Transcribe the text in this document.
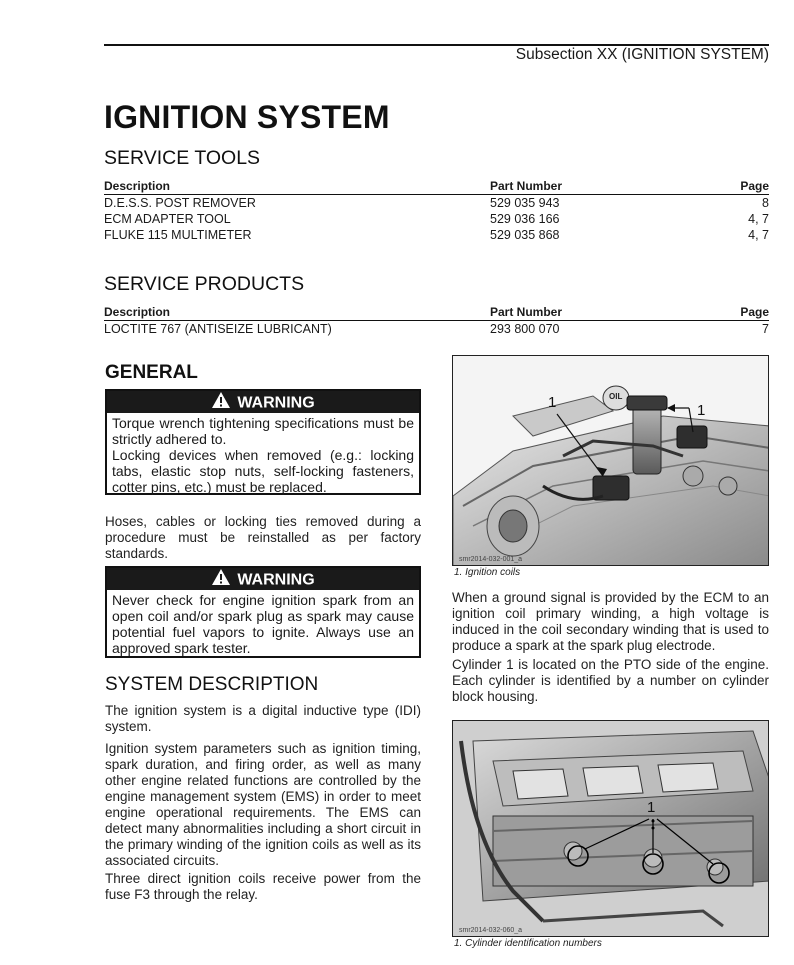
Subsection XX (IGNITION SYSTEM)
IGNITION SYSTEM
SERVICE TOOLS
Description	Part Number	Page
D.E.S.S. POST REMOVER	529 035 943	8
ECM ADAPTER TOOL	529 036 166	4, 7
FLUKE 115 MULTIMETER	529 035 868	4, 7
SERVICE PRODUCTS
Description	Part Number	Page
LOCTITE 767 (ANTISEIZE LUBRICANT)	293 800 070	7
GENERAL
WARNING
Torque wrench tightening specifications must be strictly adhered to.
Locking devices when removed (e.g.: locking tabs, elastic stop nuts, self-locking fasteners, cotter pins, etc.) must be replaced.
Hoses, cables or locking ties removed during a procedure must be reinstalled as per factory standards.
WARNING
Never check for engine ignition spark from an open coil and/or spark plug as spark may cause potential fuel vapors to ignite. Always use an approved spark tester.
SYSTEM DESCRIPTION
The ignition system is a digital inductive type (IDI) system.
Ignition system parameters such as ignition timing, spark duration, and firing order, as well as many other engine related functions are controlled by the engine management system (EMS) in order to meet engine operational requirements. The EMS can detect many abnormalities including a short circuit in the primary winding of the ignition coils as well as its associated circuits.
Three direct ignition coils receive power from the fuse F3 through the relay.
1	1
OIL
smr2014-032-001_a
1. Ignition coils
When a ground signal is provided by the ECM to an ignition coil primary winding, a high voltage is induced in the coil secondary winding that is used to produce a spark at the spark plug electrode.
Cylinder 1 is located on the PTO side of the engine. Each cylinder is identified by a number on cylinder block housing.
1
smr2014-032-060_a
1. Cylinder identification numbers
